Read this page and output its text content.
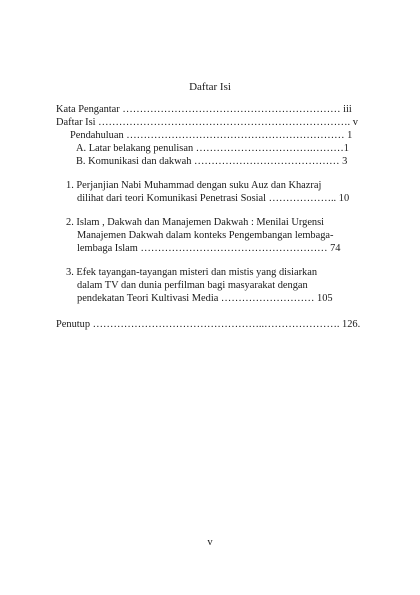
Daftar Isi
Kata Pengantar ……………………………………………………… iii
Daftar Isi ………………………………………………………………. v
Pendahuluan ……………………………………………………… 1
A. Latar belakang penulisan …………………………….………1
B. Komunikasi dan dakwah …………………………………… 3
1. Perjanjian Nabi Muhammad dengan suku Auz dan Khazraj
dilihat dari teori Komunikasi Penetrasi Sosial ……………….. 10
2. Islam , Dakwah dan Manajemen Dakwah : Menilai Urgensi
Manajemen Dakwah dalam konteks Pengembangan lembaga-
lembaga Islam ……………………………………………… 74
3. Efek tayangan-tayangan misteri dan mistis yang disiarkan
dalam TV dan dunia perfilman bagi masyarakat dengan
pendekatan Teori Kultivasi Media ……………………… 105
Penutup …………………………………………..…………………. 126.
v
